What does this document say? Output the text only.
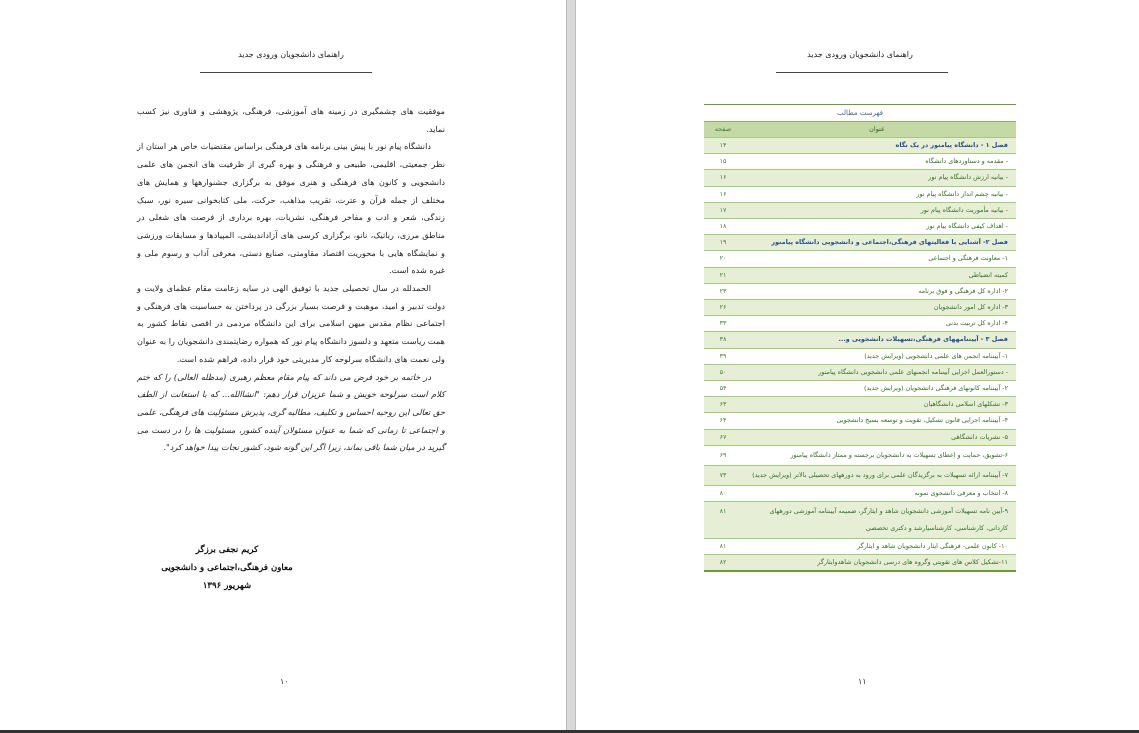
راهنمای دانشجویان ورودی جدید

موفقیت های چشمگیری در زمینه های آموزشی، فرهنگی، پژوهشی و فناوری نیز کسب نماید.

دانشگاه پیام نور با پیش بینی برنامه های فرهنگی براساس مقتضیات خاص هر استان از نظر جمعیتی، اقلیمی، طبیعی و فرهنگی و بهره گیری از ظرفیت های انجمن های علمی دانشجویی و کانون های فرهنگی و هنری موفق به برگزاری جشنوارهها و همایش های مختلف از جمله قرآن و عترت، تقریب مذاهب، حرکت، ملی کتابخوانی سیره نور، سبک زندگی، شعر و ادب و مفاخر فرهنگی، نشریات، بهره برداری از فرصت های شغلی در مناطق مرزی، رباتیک، نانو، برگزاری کرسی های آزاداندیشی، المپیادها و مسابقات ورزشی و نمایشگاه هایی با محوریت اقتصاد مقاومتی، صنایع دستی، معرفی آداب و رسوم ملی و غیره شده است.

الحمدلله در سال تحصیلی جدید با توفیق الهی در سایه زعامت مقام عظمای ولایت و دولت تدبیر و امید، موهبت و فرصت بسیار بزرگی در پرداختن به حساسیت های فرهنگی و اجتماعی نظام مقدس میهن اسلامی برای این دانشگاه مردمی در اقصی نقاط کشور به همت ریاست متعهد و دلسوز دانشگاه پیام نور که همواره رضایتمندی دانشجویان را به عنوان ولی نعمت های دانشگاه سرلوحه کار مدیریتی خود قرار داده، فراهم شده است.

در خاتمه بر خود فرض می داند که پیام مقام معظم رهبری (مدظله العالی) را که ختم کلام است سرلوحه خویش و شما عزیزان قرار دهم: "انشاالله... که با استعانت از الطف حق تعالی این روحیه احساس و تکلیف، مطالبه گری، پذیرش مسئولیت های فرهنگی، علمی و اجتماعی تا زمانی که شما به عنوان مسئولان آینده کشور، مسئولیت ها را در دست می گیرید در میان شما باقی بماند، زیرا اگر این گونه شود، کشور نجات پیدا خواهد کرد".

کریم نجفی برزگر
معاون فرهنگی،اجتماعی و دانشجویی
شهریور ۱۳۹۶
۱۰
راهنمای دانشجویان ورودی جدید
۱۱
فهرست مطالب
عنوان
صفحه
فصل ۱ - دانشگاه پیامنور در یک نگاه
۱۴
- مقدمه و دستاوردهای دانشگاه
۱۵
- بیانیه ارزش دانشگاه پیام نور
۱۶
- بیانیه چشم انداز دانشگاه پیام نور
۱۶
- بیانیه مأموریت دانشگاه پیام نور
۱۷
- اهداف کیفی دانشگاه پیام نور
۱۸
فصل ۲- آشنایی با فعالیتهای فرهنگی،اجتماعی و دانشجویی دانشگاه پیامنور
۱۹
۱- معاونت فرهنگی و اجتماعی
۲۰
کمیته انضباطی
۲۱
۲- اداره کل فرهنگی و فوق برنامه
۲۳
۳- اداره کل امور دانشجویان
۲۶
۴- اداره کل تربیت بدنی
۳۳
فصل ۳ - آییننامههای فرهنگی،تسهیلات دانشجویی و...
۳۸
۱- آییننامه انجمن های علمی دانشجویی (ویرایش جدید)
۳۹
- دستورالعمل اجرایی آییننامه انجمنهای علمی دانشجویی دانشگاه پیامنور
۵۰
۲- آییننامه کانونهای فرهنگی دانشجویان (ویرایش جدید)
۵۴
۳- تشکلهای اسلامی دانشگاهیان
۶۳
۴- آییننامه اجرایی قانون تشکیل، تقویت و توسعه بسیج دانشجویی
۶۴
۵- نشریات دانشگاهی
۶۷
۶-تشویق، حمایت و اعطای تسهیلات به دانشجویان برجسته و ممتاز دانشگاه پیامنور
۶۹
۷- آییننامه ارائه تسهیلات به برگزیدگان علمی برای ورود به دورههای تحصیلی بالاتر (ویرایش جدید)
۷۳
۸- انتخاب و معرفی دانشجوی نمونه
۸۰
۹-آیین نامه تسهیلات آموزشی دانشجویان شاهد و ایثارگر، ضمیمه آییننامه آموزشی دورههای کاردانی، کارشناسی، کارشناسیارشد و دکتری تخصصی
۸۱
۱۰- کانون علمی- فرهنگی ایثار دانشجویان شاهد و ایثارگر
۸۱
۱۱-تشکیل کلاس های تقویتی وگروه های درسی دانشجویان شاهدوایثارگر
۸۲
